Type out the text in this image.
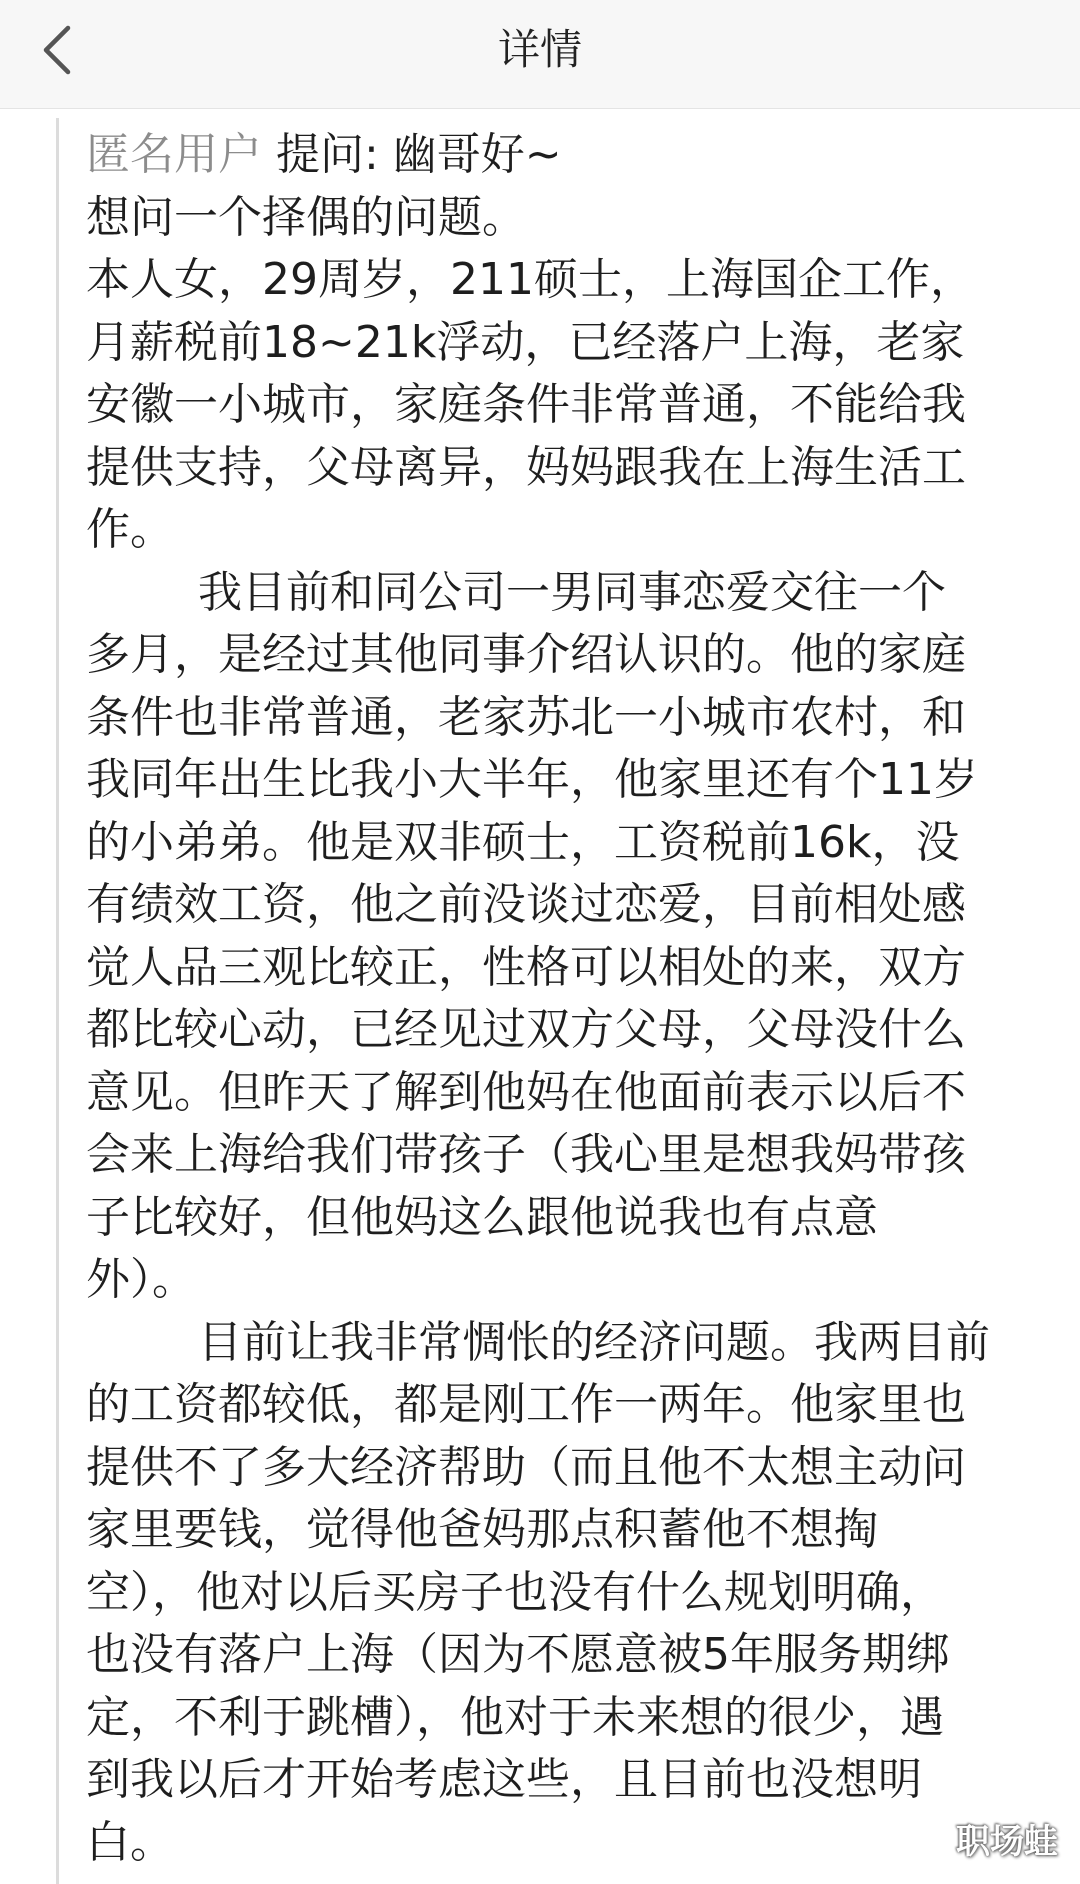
详情

匿名用户 提问: 幽哥好~

想问一个择偶的问题。

本人女，29周岁，211硕士，上海国企工作，

月薪税前18~21k浮动，已经落户上海，老家

安徽一小城市，家庭条件非常普通，不能给我

提供支持，父母离异，妈妈跟我在上海生活工

作。

我目前和同公司一男同事恋爱交往一个

多月，是经过其他同事介绍认识的。他的家庭

条件也非常普通，老家苏北一小城市农村，和

我同年出生比我小大半年，他家里还有个11岁

的小弟弟。他是双非硕士，工资税前16k，没

有绩效工资，他之前没谈过恋爱，目前相处感

觉人品三观比较正，性格可以相处的来，双方

都比较心动，已经见过双方父母，父母没什么

意见。但昨天了解到他妈在他面前表示以后不

会来上海给我们带孩子（我心里是想我妈带孩

子比较好，但他妈这么跟他说我也有点意

外）。

目前让我非常惆怅的经济问题。我两目前

的工资都较低，都是刚工作一两年。他家里也

提供不了多大经济帮助（而且他不太想主动问

家里要钱，觉得他爸妈那点积蓄他不想掏

空），他对以后买房子也没有什么规划明确，

也没有落户上海（因为不愿意被5年服务期绑

定，不利于跳槽），他对于未来想的很少，遇

到我以后才开始考虑这些，且目前也没想明

白。	职场蛙
